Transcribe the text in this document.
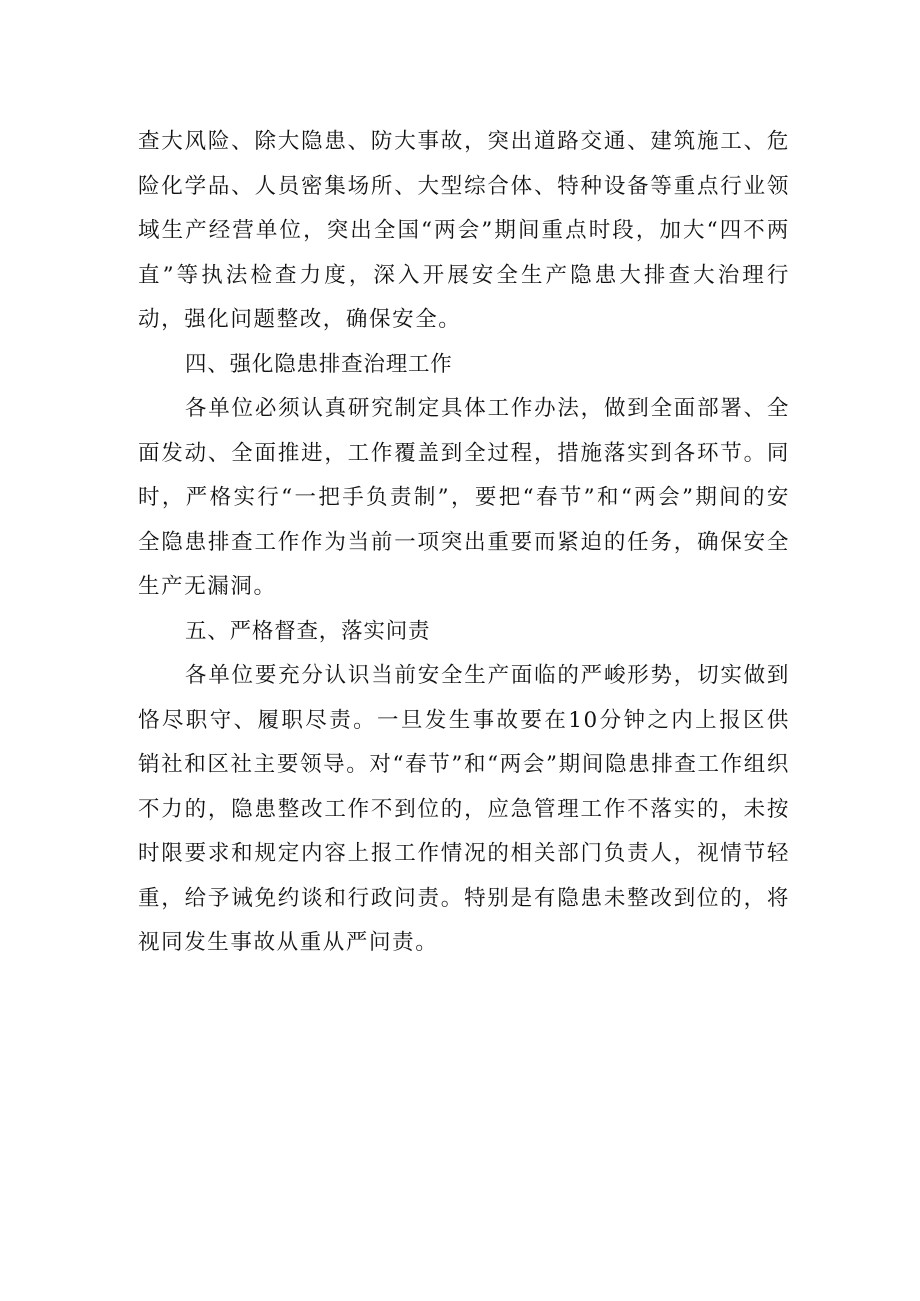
查大风险、除大隐患、防大事故，突出道路交通、建筑施工、危险化学品、人员密集场所、大型综合体、特种设备等重点行业领域生产经营单位，突出全国“两会”期间重点时段，加大“四不两直”等执法检查力度，深入开展安全生产隐患大排查大治理行动，强化问题整改，确保安全。

四、强化隐患排查治理工作

各单位必须认真研究制定具体工作办法，做到全面部署、全面发动、全面推进，工作覆盖到全过程，措施落实到各环节。同时，严格实行“一把手负责制”，要把“春节”和“两会”期间的安全隐患排查工作作为当前一项突出重要而紧迫的任务，确保安全生产无漏洞。

五、严格督查，落实问责

各单位要充分认识当前安全生产面临的严峻形势，切实做到恪尽职守、履职尽责。一旦发生事故要在10分钟之内上报区供销社和区社主要领导。对“春节”和“两会”期间隐患排查工作组织不力的，隐患整改工作不到位的，应急管理工作不落实的，未按时限要求和规定内容上报工作情况的相关部门负责人，视情节轻重，给予诫免约谈和行政问责。特别是有隐患未整改到位的，将视同发生事故从重从严问责。
